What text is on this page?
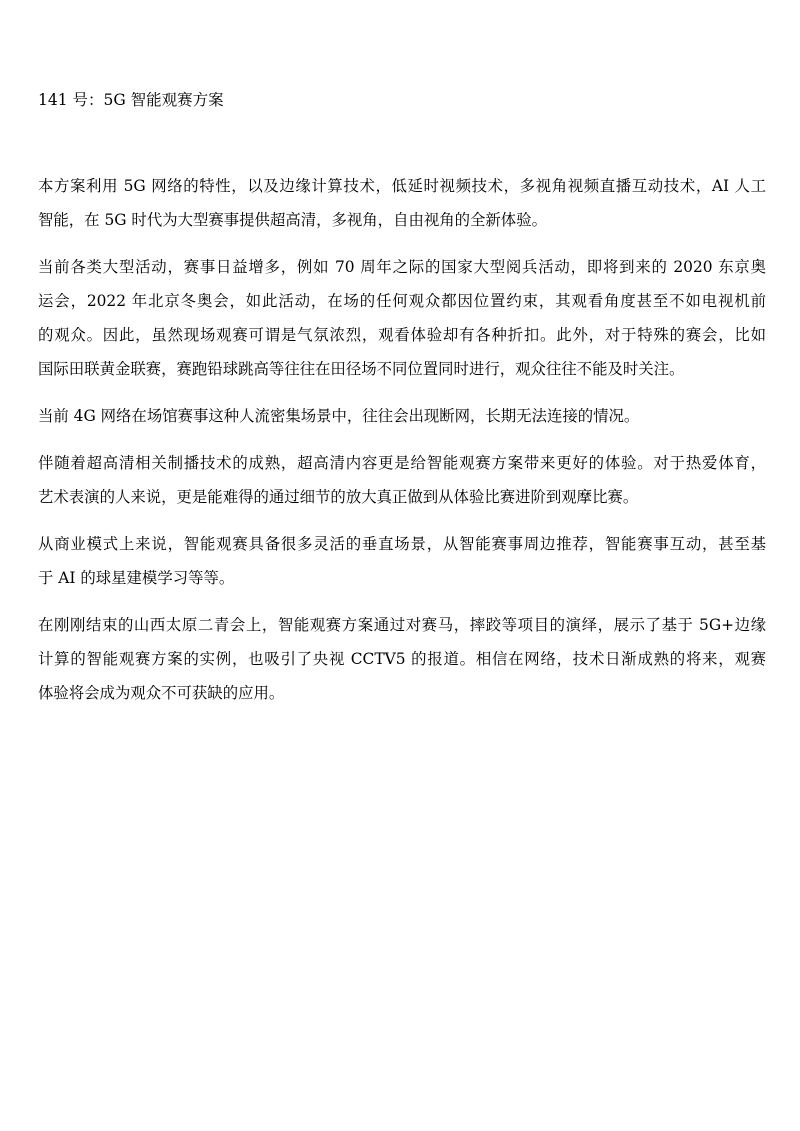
141 号：5G 智能观赛方案

本方案利用 5G 网络的特性，以及边缘计算技术，低延时视频技术，多视角视频直播互动技术，AI 人工
智能，在 5G 时代为大型赛事提供超高清，多视角，自由视角的全新体验。

当前各类大型活动，赛事日益增多，例如 70 周年之际的国家大型阅兵活动，即将到来的 2020 东京奥
运会，2022 年北京冬奥会，如此活动，在场的任何观众都因位置约束，其观看角度甚至不如电视机前
的观众。因此，虽然现场观赛可谓是气氛浓烈，观看体验却有各种折扣。此外，对于特殊的赛会，比如
国际田联黄金联赛，赛跑铅球跳高等往往在田径场不同位置同时进行，观众往往不能及时关注。

当前 4G 网络在场馆赛事这种人流密集场景中，往往会出现断网，长期无法连接的情况。

伴随着超高清相关制播技术的成熟，超高清内容更是给智能观赛方案带来更好的体验。对于热爱体育，
艺术表演的人来说，更是能难得的通过细节的放大真正做到从体验比赛进阶到观摩比赛。

从商业模式上来说，智能观赛具备很多灵活的垂直场景，从智能赛事周边推荐，智能赛事互动，甚至基
于 AI 的球星建模学习等等。

在刚刚结束的山西太原二青会上，智能观赛方案通过对赛马，摔跤等项目的演绎，展示了基于 5G+边缘
计算的智能观赛方案的实例，也吸引了央视 CCTV5 的报道。相信在网络，技术日渐成熟的将来，观赛
体验将会成为观众不可获缺的应用。
